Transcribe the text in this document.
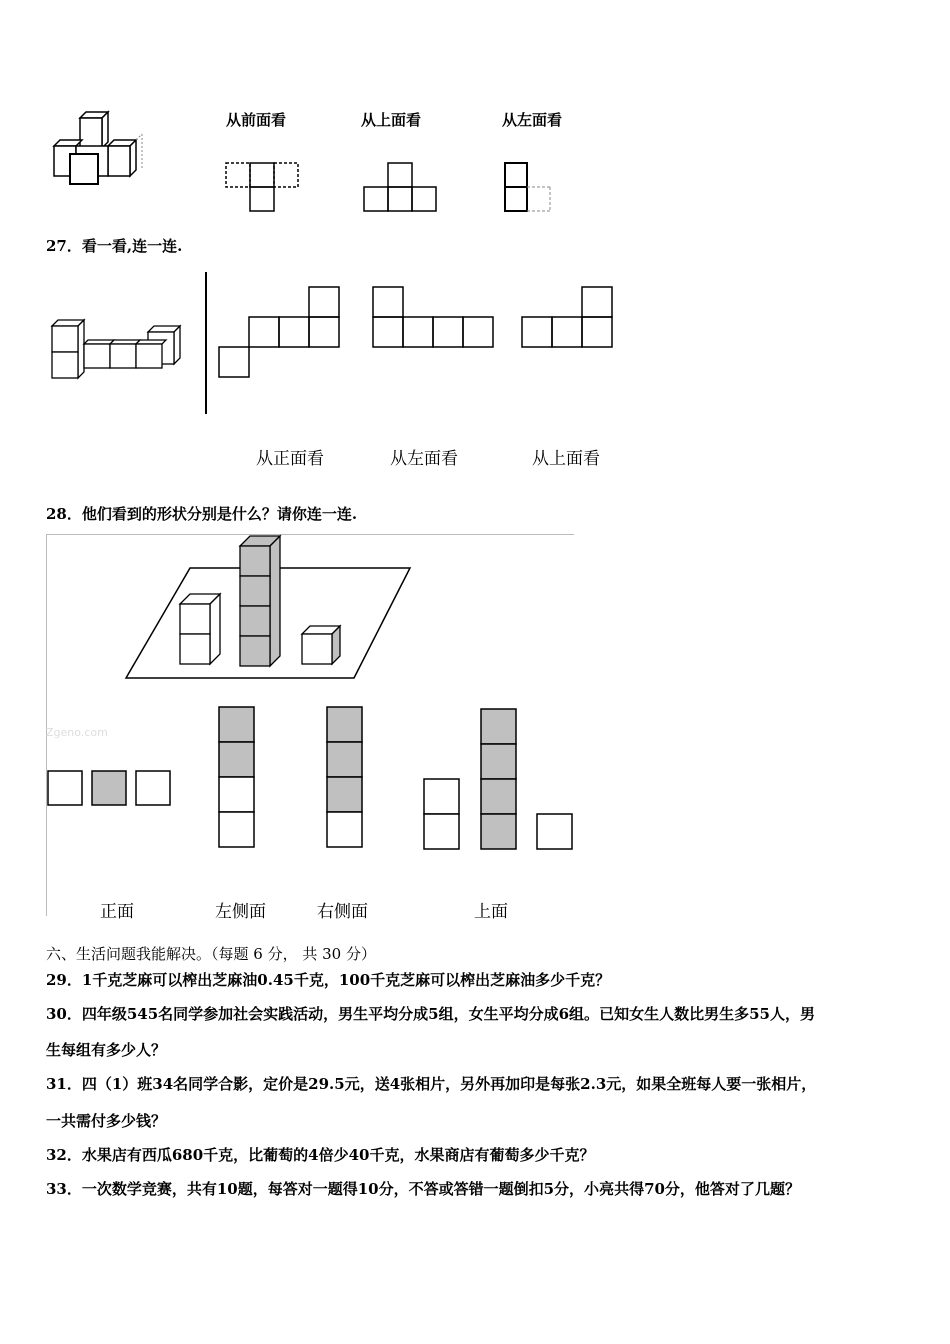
从前面看	从上面看	从左面看
27．看一看,连一连.
从正面看	从左面看	从上面看
28．他们看到的形状分别是什么？请你连一连.
Zgeno.com
正面	左侧面	右侧面	上面
六、生活问题我能解决。（每题 6 分， 共 30 分）
29．1千克芝麻可以榨出芝麻油0.45千克，100千克芝麻可以榨出芝麻油多少千克？
30．四年级545名同学参加社会实践活动，男生平均分成5组，女生平均分成6组。已知女生人数比男生多55人，男
生每组有多少人？
31．四（1）班34名同学合影，定价是29.5元，送4张相片，另外再加印是每张2.3元，如果全班每人要一张相片，
一共需付多少钱？
32．水果店有西瓜680千克，比葡萄的4倍少40千克，水果商店有葡萄多少千克？
33．一次数学竞赛，共有10题，每答对一题得10分，不答或答错一题倒扣5分，小亮共得70分，他答对了几题？
